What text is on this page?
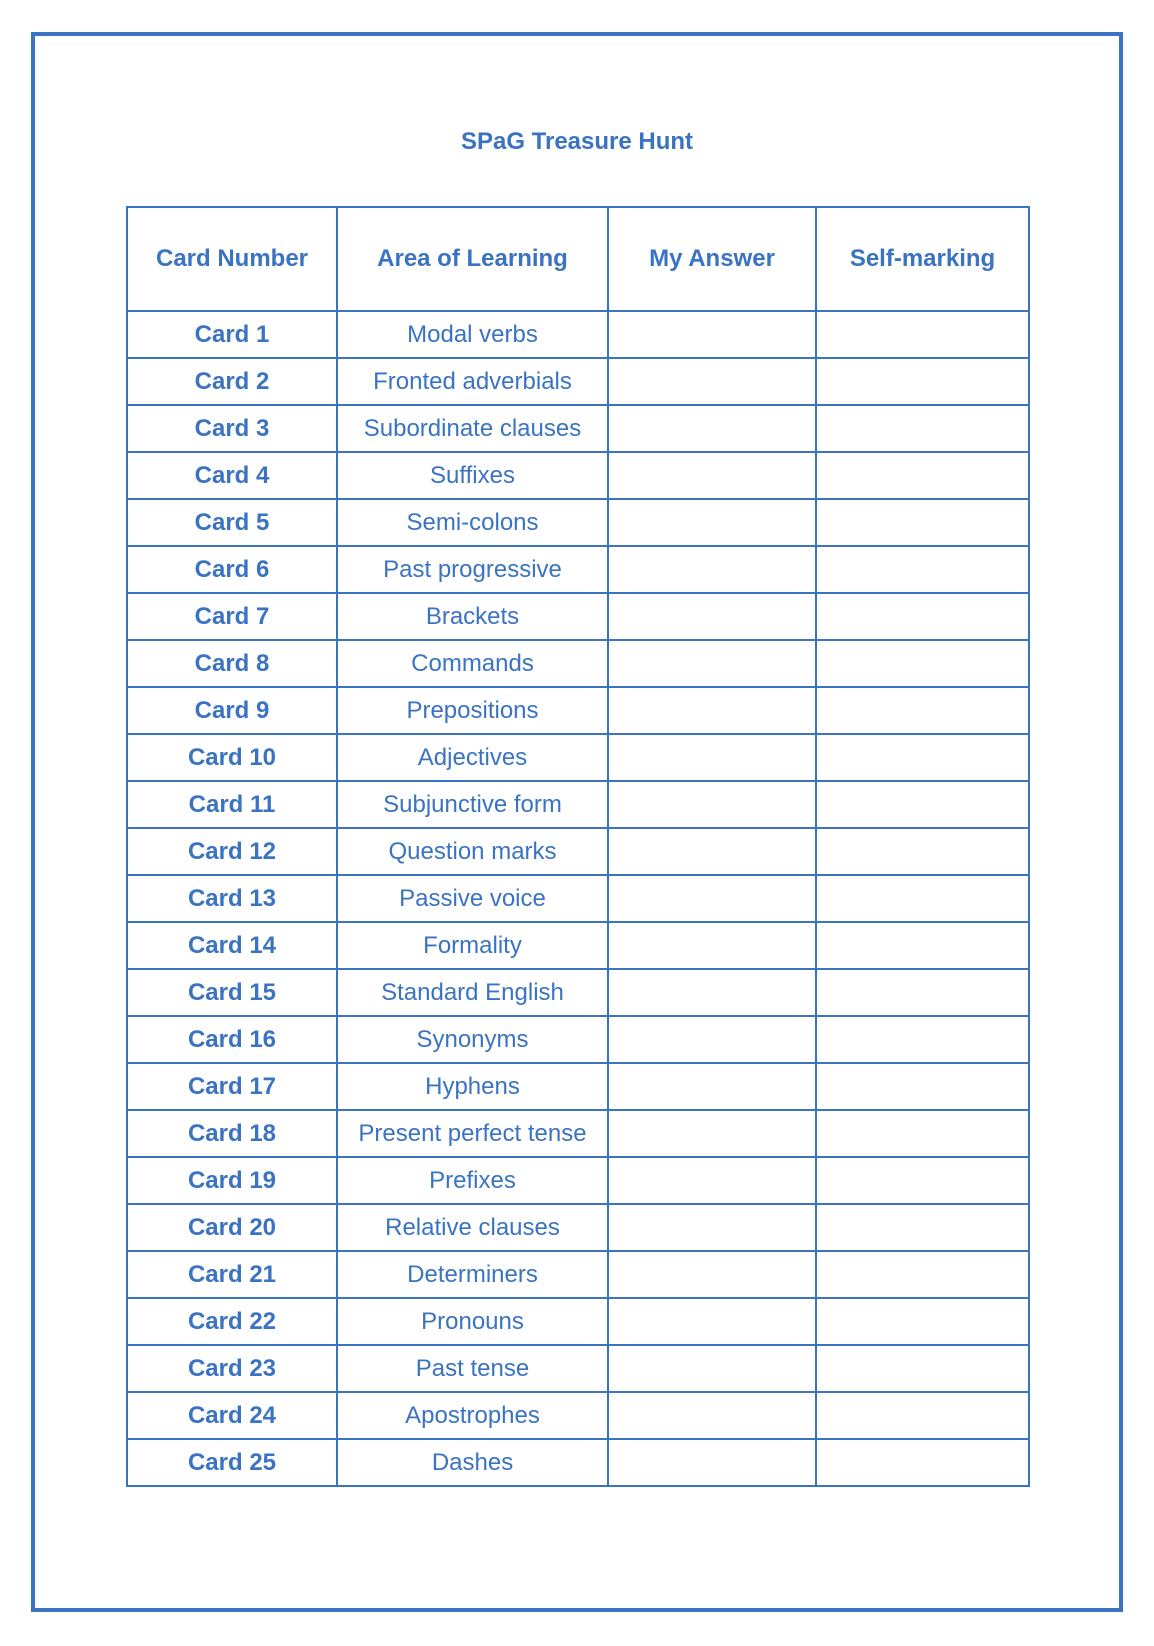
SPaG Treasure Hunt
Card Number	Area of Learning	My Answer	Self-marking
Card 1	Modal verbs		
Card 2	Fronted adverbials		
Card 3	Subordinate clauses		
Card 4	Suffixes		
Card 5	Semi-colons		
Card 6	Past progressive		
Card 7	Brackets		
Card 8	Commands		
Card 9	Prepositions		
Card 10	Adjectives		
Card 11	Subjunctive form		
Card 12	Question marks		
Card 13	Passive voice		
Card 14	Formality		
Card 15	Standard English		
Card 16	Synonyms		
Card 17	Hyphens		
Card 18	Present perfect tense		
Card 19	Prefixes		
Card 20	Relative clauses		
Card 21	Determiners		
Card 22	Pronouns		
Card 23	Past tense		
Card 24	Apostrophes		
Card 25	Dashes		
